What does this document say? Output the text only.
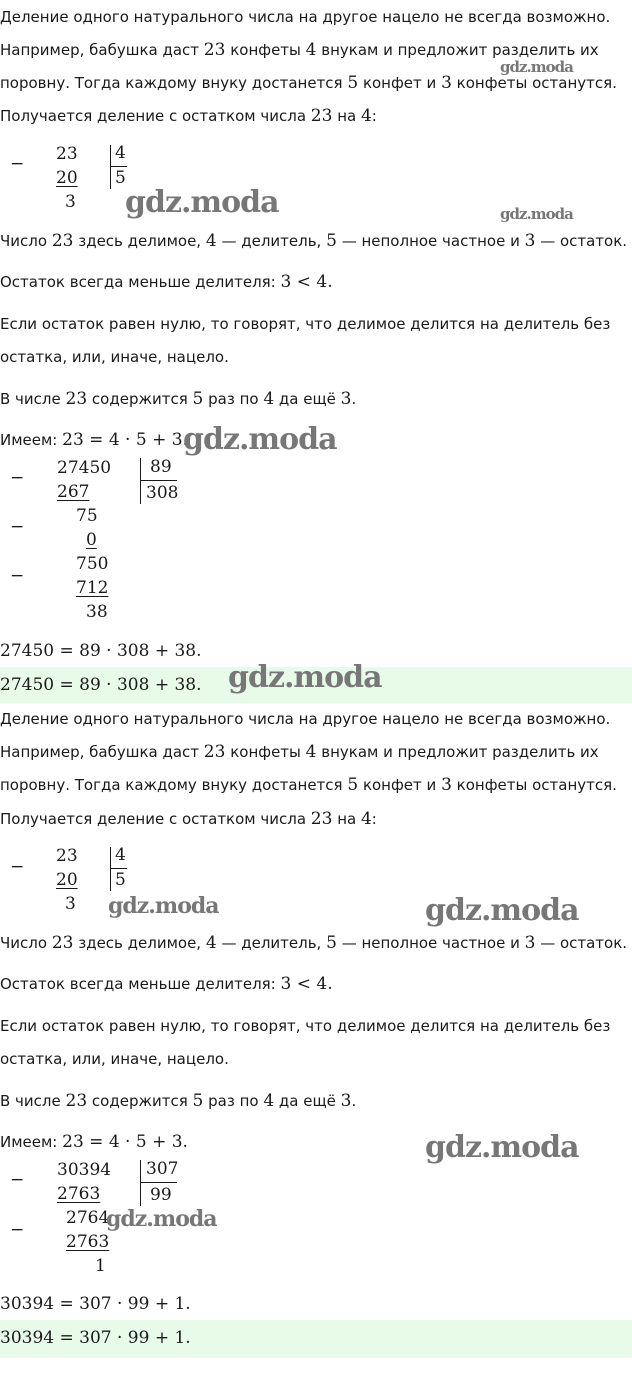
Деление одного натурального числа на другое нацело не всегда возможно.
Например, бабушка даст 23 конфеты 4 внукам и предложит разделить их
поровну. Тогда каждому внуку достанется 5 конфет и 3 конфеты останутся.
Получается деление с остатком числа 23 на 4:
− 23
20
3
4
5
Число 23 здесь делимое, 4 — делитель, 5 — неполное частное и 3 — остаток.
Остаток всегда меньше делителя: 3 < 4.
Если остаток равен нулю, то говорят, что делимое делится на делитель без
остатка, или, иначе, нацело.
В числе 23 содержится 5 раз по 4 да ещё 3.
Имеем: 23 = 4 · 5 + 3.
− 27450
267
−
75
0
−
750
712
38
89
308
27450 = 89 · 308 + 38.
27450 = 89 · 308 + 38.
Деление одного натурального числа на другое нацело не всегда возможно.
Например, бабушка даст 23 конфеты 4 внукам и предложит разделить их
поровну. Тогда каждому внуку достанется 5 конфет и 3 конфеты останутся.
Получается деление с остатком числа 23 на 4:
−
23
20
3
4
5
Число 23 здесь делимое, 4 — делитель, 5 — неполное частное и 3 — остаток.
Остаток всегда меньше делителя: 3 < 4.
Если остаток равен нулю, то говорят, что делимое делится на делитель без
остатка, или, иначе, нацело.
В числе 23 содержится 5 раз по 4 да ещё 3.
Имеем: 23 = 4 · 5 + 3.
− 30394
2763
−
2764
2763
1
307
99
30394 = 307 · 99 + 1.
30394 = 307 · 99 + 1.
gdz.moda
gdz.moda	gdz.moda
gdz.moda
gdz.moda
gdz.moda	gdz.moda
gdz.moda
gdz.moda
